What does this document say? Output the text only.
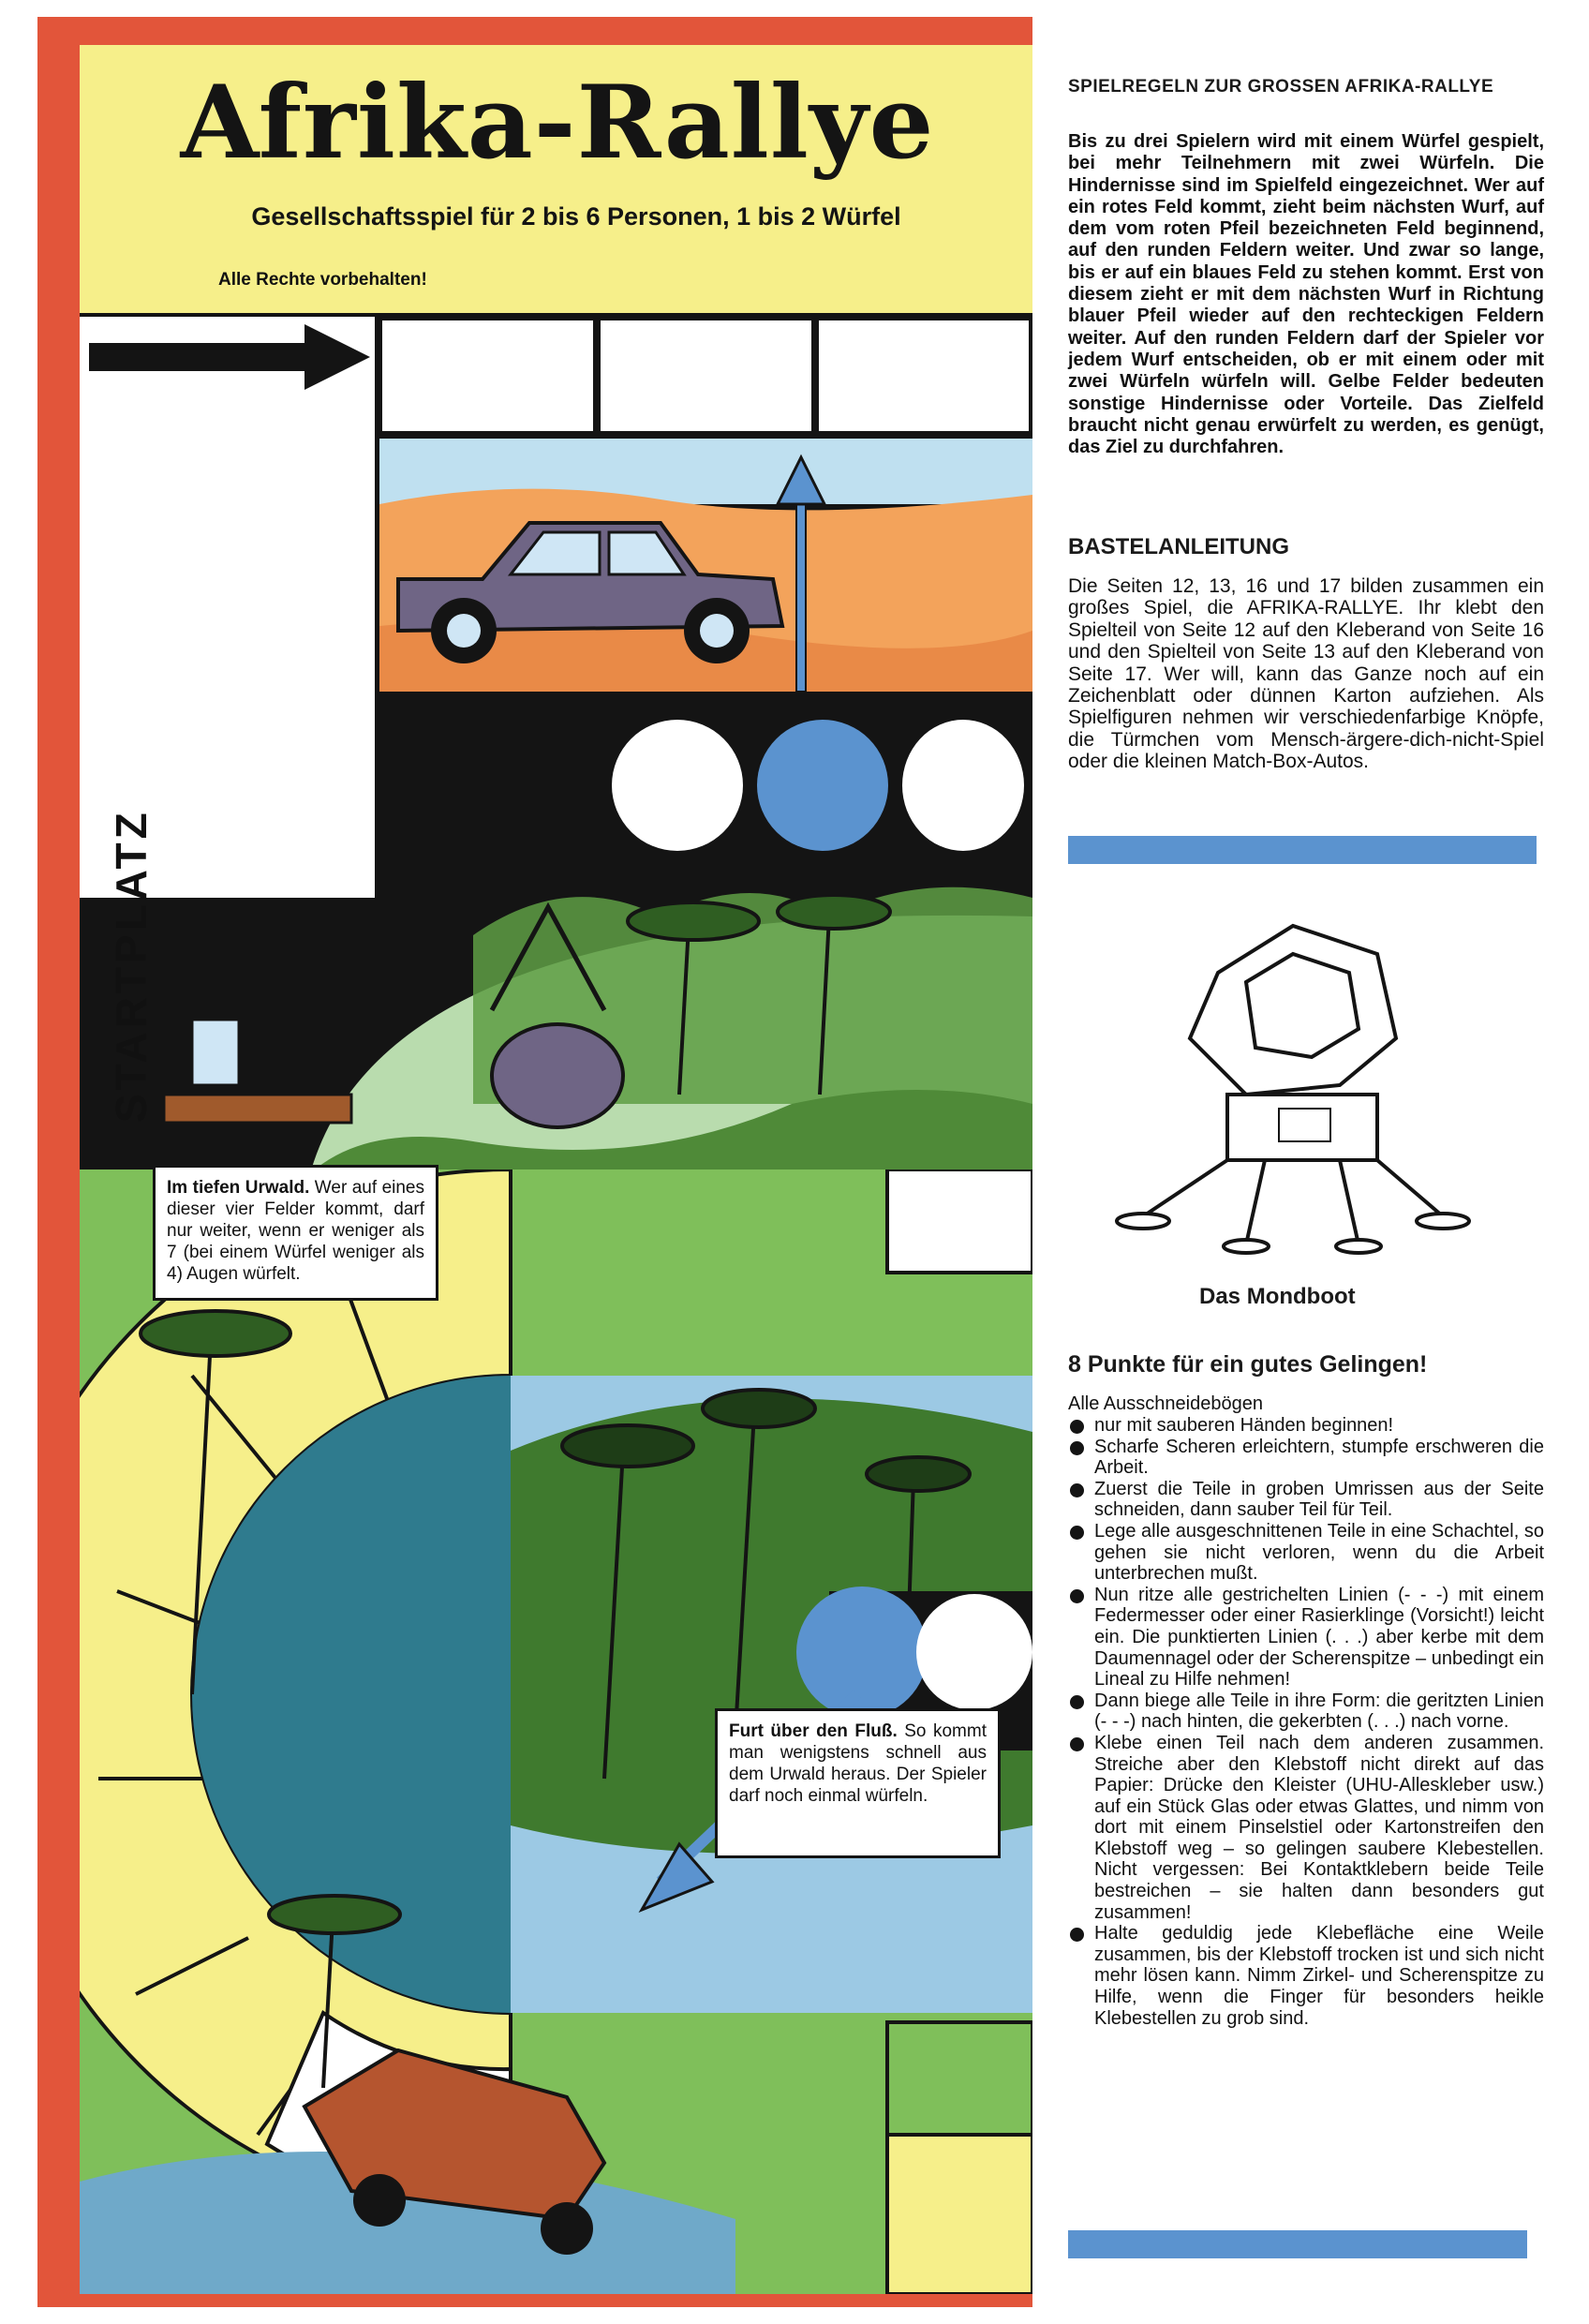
Afrika-Rallye

Gesellschaftsspiel für 2 bis 6 Personen, 1 bis 2 Würfel

Alle Rechte vorbehalten!

STARTPLATZ

Im tiefen Urwald. Wer auf eines dieser vier Felder kommt, darf nur weiter, wenn er weniger als 7 (bei einem Würfel weniger als 4) Augen würfelt.
Furt über den Fluß. So kommt man wenigstens schnell aus dem Urwald heraus. Der Spieler darf noch einmal würfeln.
SPIELREGELN ZUR GROSSEN AFRIKA-RALLYE

Bis zu drei Spielern wird mit einem Würfel gespielt, bei mehr Teilnehmern mit zwei Würfeln. Die Hindernisse sind im Spielfeld eingezeichnet. Wer auf ein rotes Feld kommt, zieht beim nächsten Wurf, auf dem vom roten Pfeil bezeichneten Feld beginnend, auf den runden Feldern weiter. Und zwar so lange, bis er auf ein blaues Feld zu stehen kommt. Erst von diesem zieht er mit dem nächsten Wurf in Richtung blauer Pfeil wieder auf den rechteckigen Feldern weiter. Auf den runden Feldern darf der Spieler vor jedem Wurf entscheiden, ob er mit einem oder mit zwei Würfeln würfeln will. Gelbe Felder bedeuten sonstige Hindernisse oder Vorteile. Das Zielfeld braucht nicht genau erwürfelt zu werden, es genügt, das Ziel zu durchfahren.

BASTELANLEITUNG

Die Seiten 12, 13, 16 und 17 bilden zusammen ein großes Spiel, die AFRIKA-RALLYE. Ihr klebt den Spielteil von Seite 12 auf den Kleberand von Seite 16 und den Spielteil von Seite 13 auf den Kleberand von Seite 17. Wer will, kann das Ganze noch auf ein Zeichenblatt oder dünnen Karton aufziehen. Als Spielfiguren nehmen wir verschiedenfarbige Knöpfe, die Türmchen vom Mensch-ärgere-dich-nicht-Spiel oder die kleinen Match-Box-Autos.

Das Mondboot

8 Punkte für ein gutes Gelingen!

Alle Ausschneidebögen

nur mit sauberen Händen beginnen!
Scharfe Scheren erleichtern, stumpfe erschweren die Arbeit.
Zuerst die Teile in groben Umrissen aus der Seite schneiden, dann sauber Teil für Teil.
Lege alle ausgeschnittenen Teile in eine Schachtel, so gehen sie nicht verloren, wenn du die Arbeit unterbrechen mußt.
Nun ritze alle gestrichelten Linien (- - -) mit einem Federmesser oder einer Rasierklinge (Vorsicht!) leicht ein. Die punktierten Linien (. . .) aber kerbe mit dem Daumennagel oder der Scherenspitze – unbedingt ein Lineal zu Hilfe nehmen!
Dann biege alle Teile in ihre Form: die geritzten Linien (- - -) nach hinten, die gekerbten (. . .) nach vorne.
Klebe einen Teil nach dem anderen zusammen. Streiche aber den Klebstoff nicht direkt auf das Papier: Drücke den Kleister (UHU-Alleskleber usw.) auf ein Stück Glas oder etwas Glattes, und nimm von dort mit einem Pinselstiel oder Kartonstreifen den Klebstoff weg – so gelingen saubere Klebestellen. Nicht vergessen: Bei Kontaktklebern beide Teile bestreichen – sie halten dann besonders gut zusammen!
Halte geduldig jede Klebefläche eine Weile zusammen, bis der Klebstoff trocken ist und sich nicht mehr lösen kann. Nimm Zirkel- und Scherenspitze zu Hilfe, wenn die Finger für besonders heikle Klebestellen zu grob sind.
